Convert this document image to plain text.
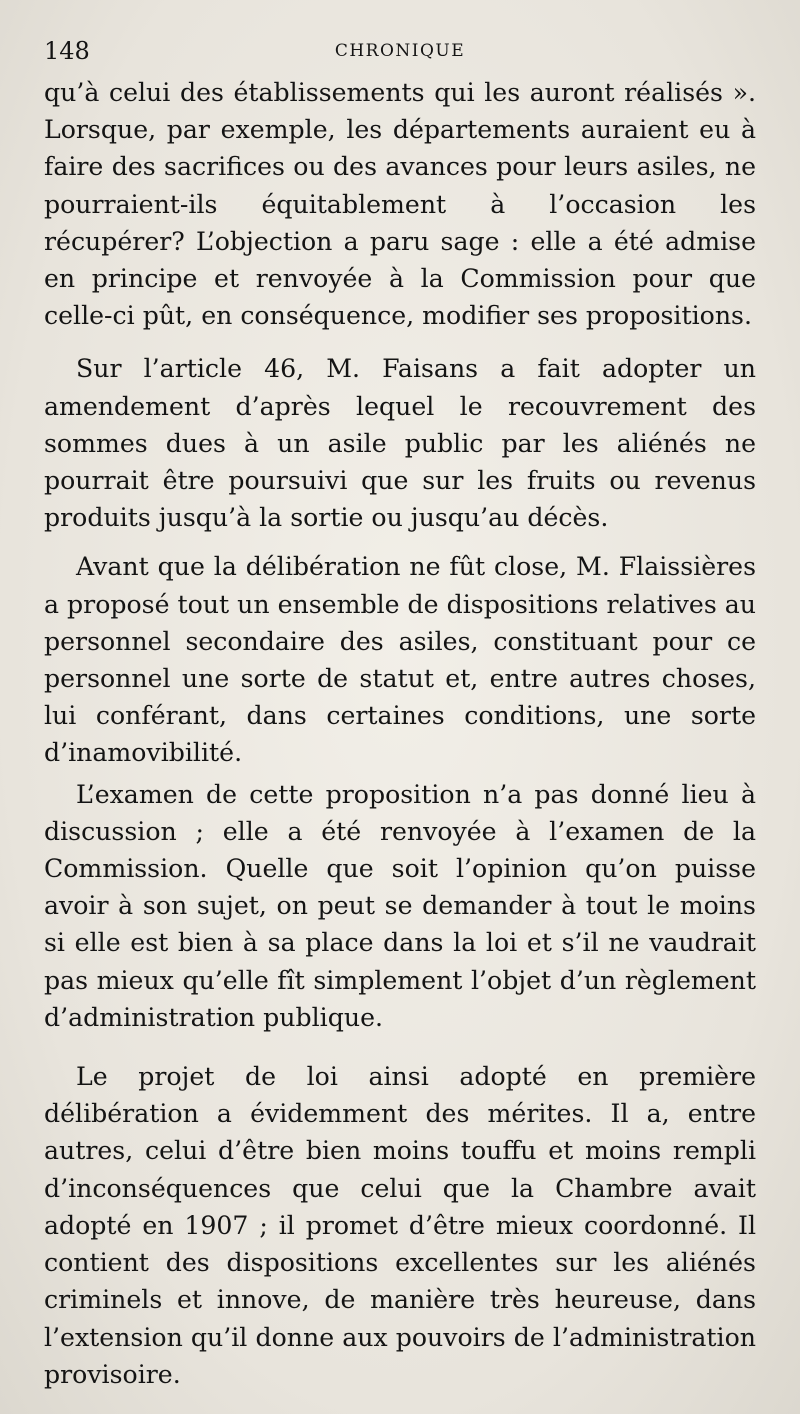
148	CHRONIQUE

qu’à celui des établissements qui les auront réalisés ». Lorsque, par exemple, les départements auraient eu à faire des sacrifices ou des avances pour leurs asiles, ne pourraient-ils équitablement à l’occasion les récupérer? L’objection a paru sage : elle a été admise en principe et renvoyée à la Commission pour que celle-ci pût, en conséquence, modifier ses propositions.

Sur l’article 46, M. Faisans a fait adopter un amendement d’après lequel le recouvrement des sommes dues à un asile public par les aliénés ne pourrait être poursuivi que sur les fruits ou revenus produits jusqu’à la sortie ou jusqu’au décès.

Avant que la délibération ne fût close, M. Flaissières a proposé tout un ensemble de dispositions relatives au personnel secondaire des asiles, constituant pour ce personnel une sorte de statut et, entre autres choses, lui conférant, dans certaines conditions, une sorte d’inamovibilité.

L’examen de cette proposition n’a pas donné lieu à discussion ; elle a été renvoyée à l’examen de la Commission. Quelle que soit l’opinion qu’on puisse avoir à son sujet, on peut se demander à tout le moins si elle est bien à sa place dans la loi et s’il ne vaudrait pas mieux qu’elle fît simplement l’objet d’un règlement d’administration publique.

Le projet de loi ainsi adopté en première délibération a évidemment des mérites. Il a, entre autres, celui d’être bien moins touffu et moins rempli d’inconséquences que celui que la Chambre avait adopté en 1907 ; il promet d’être mieux coordonné. Il contient des dispositions excellentes sur les aliénés criminels et innove, de manière très heureuse, dans l’extension qu’il donne aux pouvoirs de l’administration provisoire.
